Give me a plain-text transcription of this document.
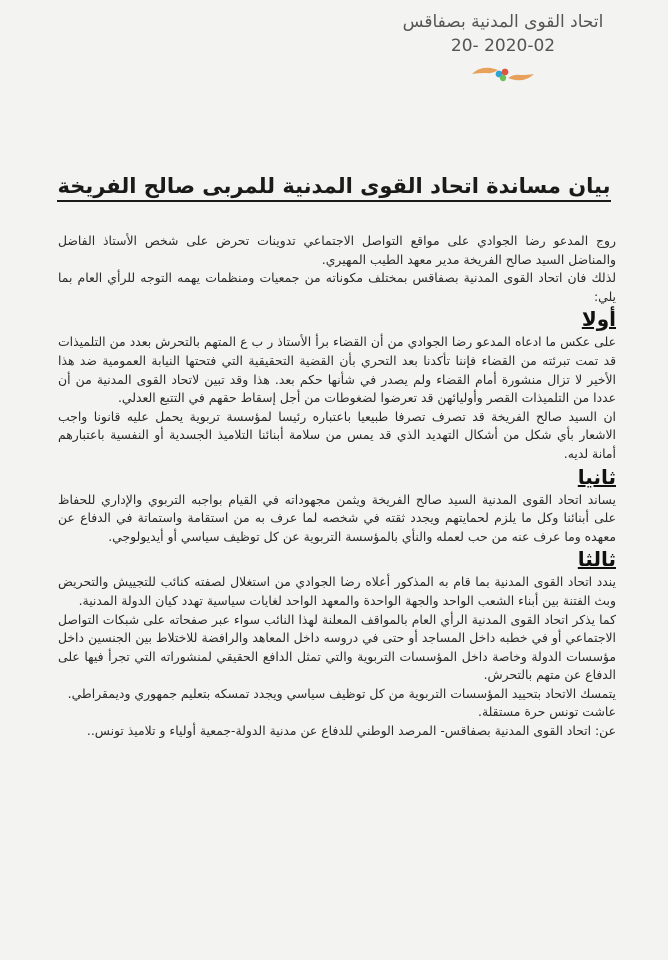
اتحاد القوى المدنية بصفاقس
2020-02 -20
بيان مساندة اتحاد القوى المدنية للمربى صالح الفريخة

روج المدعو رضا الجوادي على مواقع التواصل الاجتماعي تدوينات تحرض على شخص الأستاذ الفاضل والمناضل السيد صالح الفريخة مدير معهد الطيب المهيري.

لذلك فان اتحاد القوى المدنية بصفاقس بمختلف مكوناته من جمعيات ومنظمات يهمه التوجه للرأي العام بما يلي:

أولا

على عكس ما ادعاه المدعو رضا الجوادي من أن القضاء برأ الأستاذ ر ب ع المتهم بالتحرش بعدد من التلميذات قد تمت تبرئته من القضاء فإننا تأكدنا بعد التحري بأن القضية التحقيقية التي فتحتها النيابة العمومية ضد هذا الأخير لا تزال منشورة أمام القضاء ولم يصدر في شأنها حكم بعد. هذا وقد تبين لاتحاد القوى المدنية من أن عددا من التلميذات القصر وأوليائهن قد تعرضوا لضغوطات من أجل إسقاط حقهم في التتبع العدلي.

ان السيد صالح الفريخة قد تصرف تصرفا طبيعيا باعتباره رئيسا لمؤسسة تربوية يحمل عليه قانونا واجب الاشعار بأي شكل من أشكال التهديد الذي قد يمس من سلامة أبنائنا التلاميذ الجسدية أو النفسية باعتبارهم أمانة لديه.

ثانيا

يساند اتحاد القوى المدنية السيد صالح الفريخة ويثمن مجهوداته في القيام بواجبه التربوي والإداري للحفاظ على أبنائنا وكل ما يلزم لحمايتهم ويجدد ثقته في شخصه لما عرف به من استقامة واستماتة في الدفاع عن معهده وما عرف عنه من حب لعمله والنأي بالمؤسسة التربوية عن كل توظيف سياسي أو أيديولوجي.

ثالثا

يندد اتحاد القوى المدنية بما قام به المذكور أعلاه رضا الجوادي من استغلال لصفته كنائب للتجييش والتحريض وبث الفتنة بين أبناء الشعب الواحد والجهة الواحدة والمعهد الواحد لغايات سياسية تهدد كيان الدولة المدنية.

كما يذكر اتحاد القوى المدنية الرأي العام بالمواقف المعلنة لهذا النائب سواء عبر صفحاته على شبكات التواصل الاجتماعي أو في خطبه داخل المساجد أو حتى في دروسه داخل المعاهد والرافضة للاختلاط بين الجنسين داخل مؤسسات الدولة وخاصة داخل المؤسسات التربوية والتي تمثل الدافع الحقيقي لمنشوراته التي تجرأ فيها على الدفاع عن متهم بالتحرش.

يتمسك الاتحاد بتحييد المؤسسات التربوية من كل توظيف سياسي ويجدد تمسكه بتعليم جمهوري وديمقراطي.

عاشت تونس حرة مستقلة.

عن: اتحاد القوى المدنية بصفاقس- المرصد الوطني للدفاع عن مدنية الدولة-جمعية أولياء و تلاميذ تونس..
